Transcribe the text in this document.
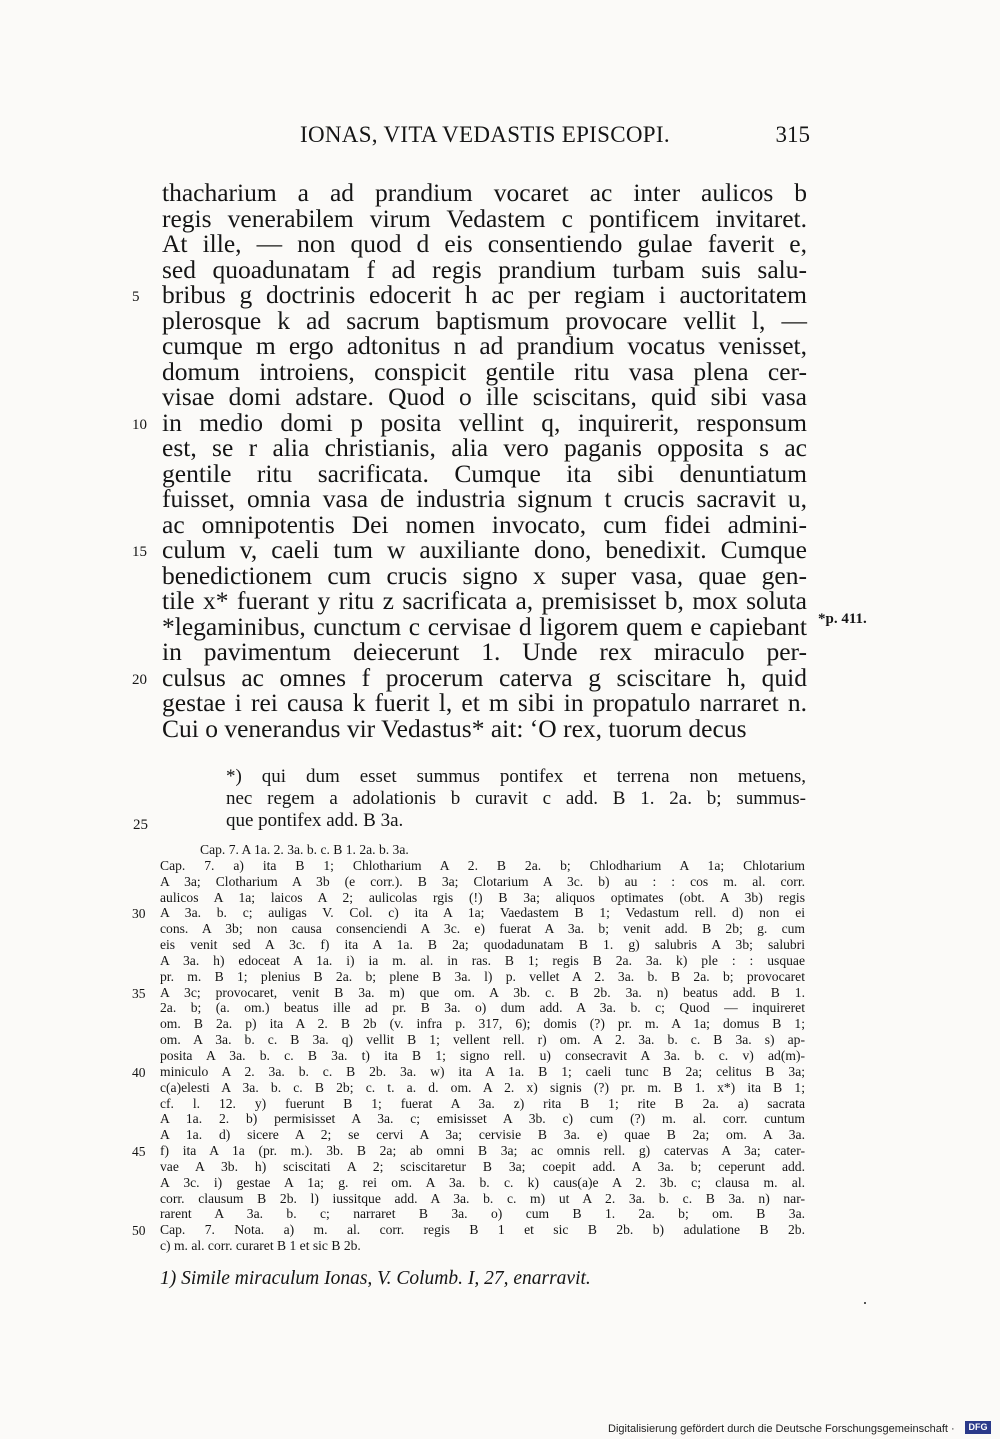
IONAS, VITA VEDASTIS EPISCOPI.	315
thacharium a ad prandium vocaret ac inter aulicos b
regis venerabilem virum Vedastem c pontificem invitaret.
At ille, — non quod d eis consentiendo gulae faverit e,
sed quoadunatam f ad regis prandium turbam suis salu-
5 bribus g doctrinis edocerit h ac per regiam i auctoritatem
plerosque k ad sacrum baptismum provocare vellit l, —
cumque m ergo adtonitus n ad prandium vocatus venisset,
domum introiens, conspicit gentile ritu vasa plena cer-
visae domi adstare. Quod o ille sciscitans, quid sibi vasa
10 in medio domi p posita vellint q, inquirerit, responsum
est, se r alia christianis, alia vero paganis opposita s ac
gentile ritu sacrificata. Cumque ita sibi denuntiatum
fuisset, omnia vasa de industria signum t crucis sacravit u,
ac omnipotentis Dei nomen invocato, cum fidei admini-
15 culum v, caeli tum w auxiliante dono, benedixit. Cumque
benedictionem cum crucis signo x super vasa, quae gen-
tile x* fuerant y ritu z sacrificata a, premisisset b, mox soluta
*legaminibus, cunctum c cervisae d ligorem quem e capiebant
in pavimentum deiecerunt 1. Unde rex miraculo per-
20 culsus ac omnes f procerum caterva g sciscitare h, quid
gestae i rei causa k fuerit l, et m sibi in propatulo narraret n.
Cui o venerandus vir Vedastus* ait: ‘O rex, tuorum decus
*p. 411.
*) qui dum esset summus pontifex et terrena non metuens,
nec regem a adolationis b curavit c add. B 1. 2a. b; summus-
25	que pontifex add. B 3a.
Cap. 7. A 1a. 2. 3a. b. c. B 1. 2a. b. 3a.
Cap. 7. a) ita B 1; Chlotharium A 2. B 2a. b; Chlodharium A 1a; Chlotarium
A 3a; Clotharium A 3b (e corr.). B 3a; Clotarium A 3c. b) au : : cos m. al. corr.
aulicos A 1a; laicos A 2; aulicolas rgis (!) B 3a; aliquos optimates (obt. A 3b) regis
30 A 3a. b. c; auligas V. Col. c) ita A 1a; Vaedastem B 1; Vedastum rell. d) non ei
cons. A 3b; non causa consenciendi A 3c. e) fuerat A 3a. b; venit add. B 2b; g. cum
eis venit sed A 3c. f) ita A 1a. B 2a; quodadunatam B 1. g) salubris A 3b; salubri
A 3a. h) edoceat A 1a. i) ia m. al. in ras. B 1; regis B 2a. 3a. k) ple : : usquae
pr. m. B 1; plenius B 2a. b; plene B 3a. l) p. vellet A 2. 3a. b. B 2a. b; provocaret
35 A 3c; provocaret, venit B 3a. m) que om. A 3b. c. B 2b. 3a. n) beatus add. B 1.
2a. b; (a. om.) beatus ille ad pr. B 3a. o) dum add. A 3a. b. c; Quod — inquireret
om. B 2a. p) ita A 2. B 2b (v. infra p. 317, 6); domis (?) pr. m. A 1a; domus B 1;
om. A 3a. b. c. B 3a. q) vellit B 1; vellent rell. r) om. A 2. 3a. b. c. B 3a. s) ap-
posita A 3a. b. c. B 3a. t) ita B 1; signo rell. u) consecravit A 3a. b. c. v) ad(m)-
40 miniculo A 2. 3a. b. c. B 2b. 3a. w) ita A 1a. B 1; caeli tunc B 2a; celitus B 3a;
c(a)elesti A 3a. b. c. B 2b; c. t. a. d. om. A 2. x) signis (?) pr. m. B 1. x*) ita B 1;
cf. l. 12. y) fuerunt B 1; fuerat A 3a. z) rita B 1; rite B 2a. a) sacrata
A 1a. 2. b) permisisset A 3a. c; emisisset A 3b. c) cum (?) m. al. corr. cuntum
A 1a. d) sicere A 2; se cervi A 3a; cervisie B 3a. e) quae B 2a; om. A 3a.
45 f) ita A 1a (pr. m.). 3b. B 2a; ab omni B 3a; ac omnis rell. g) catervas A 3a; cater-
vae A 3b. h) sciscitati A 2; sciscitaretur B 3a; coepit add. A 3a. b; ceperunt add.
A 3c. i) gestae A 1a; g. rei om. A 3a. b. c. k) caus(a)e A 2. 3b. c; clausa m. al.
corr. clausum B 2b. l) iussitque add. A 3a. b. c. m) ut A 2. 3a. b. c. B 3a. n) nar-
rarent A 3a. b. c; narraret B 3a. o) cum B 1. 2a. b; om. B 3a.
50 Cap. 7. Nota. a) m. al. corr. regis B 1 et sic B 2b. b) adulatione B 2b.
c) m. al. corr. curaret B 1 et sic B 2b.
1) Simile miraculum Ionas, V. Columb. I, 27, enarravit.
Digitalisierung gefördert durch die Deutsche Forschungsgemeinschaft ·	DFG
